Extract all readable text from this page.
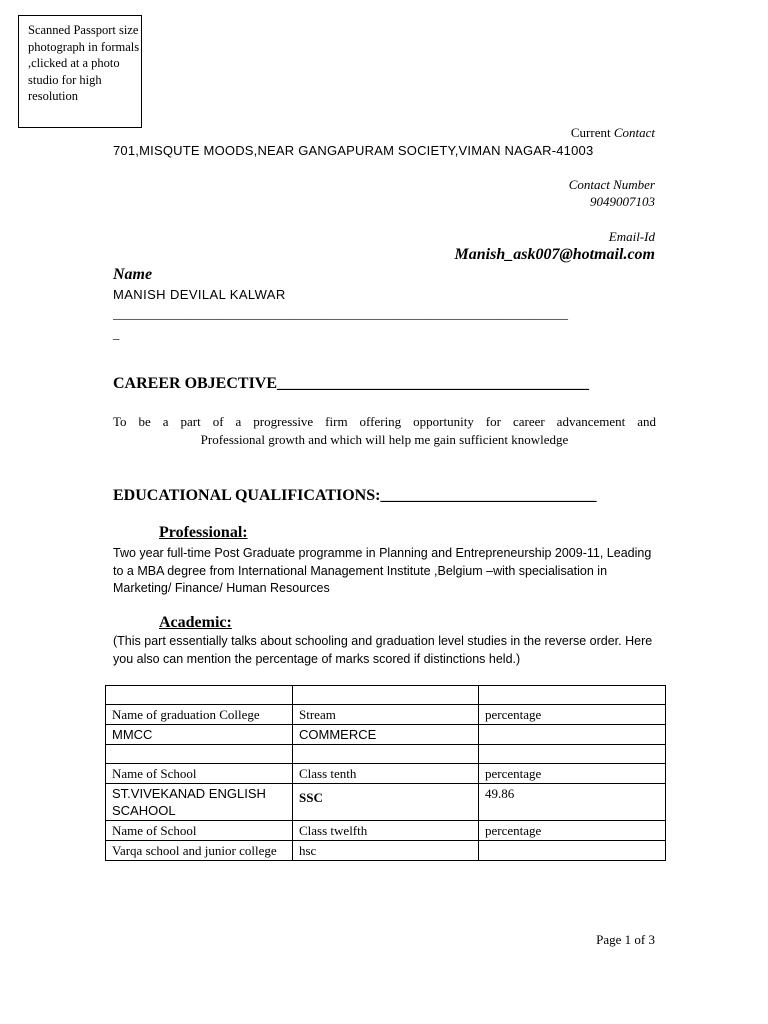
Scanned Passport size photograph in formals ,clicked at a photo studio for high resolution
Current Contact
701,MISQUTE MOODS,NEAR GANGAPURAM SOCIETY,VIMAN NAGAR-41003
Contact Number
9049007103
Email-Id
Manish_ask007@hotmail.com
Name
MANISH DEVILAL KALWAR
______________________________________________________________________
_
CAREER OBJECTIVE_______________________________________
To be a part of a progressive firm offering opportunity for career advancement and
Professional growth and which will help me gain sufficient knowledge
EDUCATIONAL QUALIFICATIONS:___________________________
Professional:
Two year full-time Post Graduate programme in Planning and Entrepreneurship 2009-11, Leading to a MBA degree from International Management Institute ,Belgium –with specialisation in Marketing/ Finance/ Human Resources
Academic:
(This part essentially talks about schooling and graduation level studies in the reverse order. Here you also can mention the percentage of marks scored if distinctions held.)

Name of graduation College	Stream	percentage
MMCC	COMMERCE	

Name of School	Class tenth	percentage
ST.VIVEKANAD ENGLISH SCAHOOL	SSC	49.86
Name of School	Class twelfth	percentage
Varqa school and junior college	hsc	
Page 1 of 3
